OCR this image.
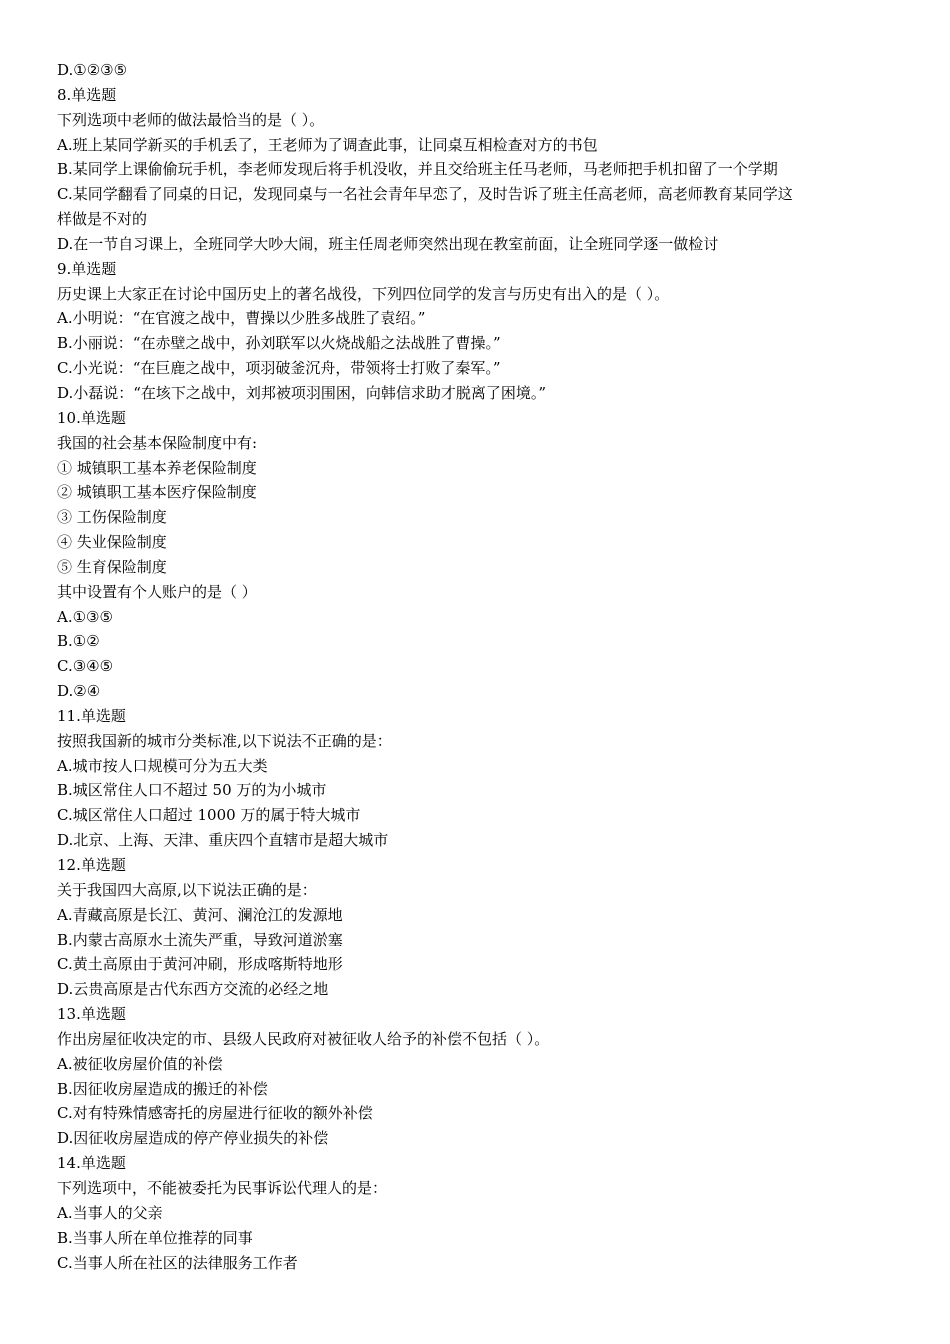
D.①②③⑤
8.单选题
下列选项中老师的做法最恰当的是（ ）。
A.班上某同学新买的手机丢了，王老师为了调查此事，让同桌互相检查对方的书包
B.某同学上课偷偷玩手机，李老师发现后将手机没收，并且交给班主任马老师，马老师把手机扣留了一个学期
C.某同学翻看了同桌的日记，发现同桌与一名社会青年早恋了，及时告诉了班主任高老师，高老师教育某同学这
样做是不对的
D.在一节自习课上，全班同学大吵大闹，班主任周老师突然出现在教室前面，让全班同学逐一做检讨
9.单选题
历史课上大家正在讨论中国历史上的著名战役，下列四位同学的发言与历史有出入的是（ ）。
A.小明说：“在官渡之战中，曹操以少胜多战胜了袁绍。”
B.小丽说：“在赤壁之战中，孙刘联军以火烧战船之法战胜了曹操。”
C.小光说：“在巨鹿之战中，项羽破釜沉舟，带领将士打败了秦军。”
D.小磊说：“在垓下之战中，刘邦被项羽围困，向韩信求助才脱离了困境。”
10.单选题
我国的社会基本保险制度中有:
① 城镇职工基本养老保险制度
② 城镇职工基本医疗保险制度
③ 工伤保险制度
④ 失业保险制度
⑤ 生育保险制度
其中设置有个人账户的是（ ）
A.①③⑤
B.①②
C.③④⑤
D.②④
11.单选题
按照我国新的城市分类标准,以下说法不正确的是：
A.城市按人口规模可分为五大类
B.城区常住人口不超过 50 万的为小城市
C.城区常住人口超过 1000 万的属于特大城市
D.北京、上海、天津、重庆四个直辖市是超大城市
12.单选题
关于我国四大高原,以下说法正确的是：
A.青藏高原是长江、黄河、澜沧江的发源地
B.内蒙古高原水土流失严重，导致河道淤塞
C.黄土高原由于黄河冲刷，形成喀斯特地形
D.云贵高原是古代东西方交流的必经之地
13.单选题
作出房屋征收决定的市、县级人民政府对被征收人给予的补偿不包括（ ）。
A.被征收房屋价值的补偿
B.因征收房屋造成的搬迁的补偿
C.对有特殊情感寄托的房屋进行征收的额外补偿
D.因征收房屋造成的停产停业损失的补偿
14.单选题
下列选项中，不能被委托为民事诉讼代理人的是：
A.当事人的父亲
B.当事人所在单位推荐的同事
C.当事人所在社区的法律服务工作者
